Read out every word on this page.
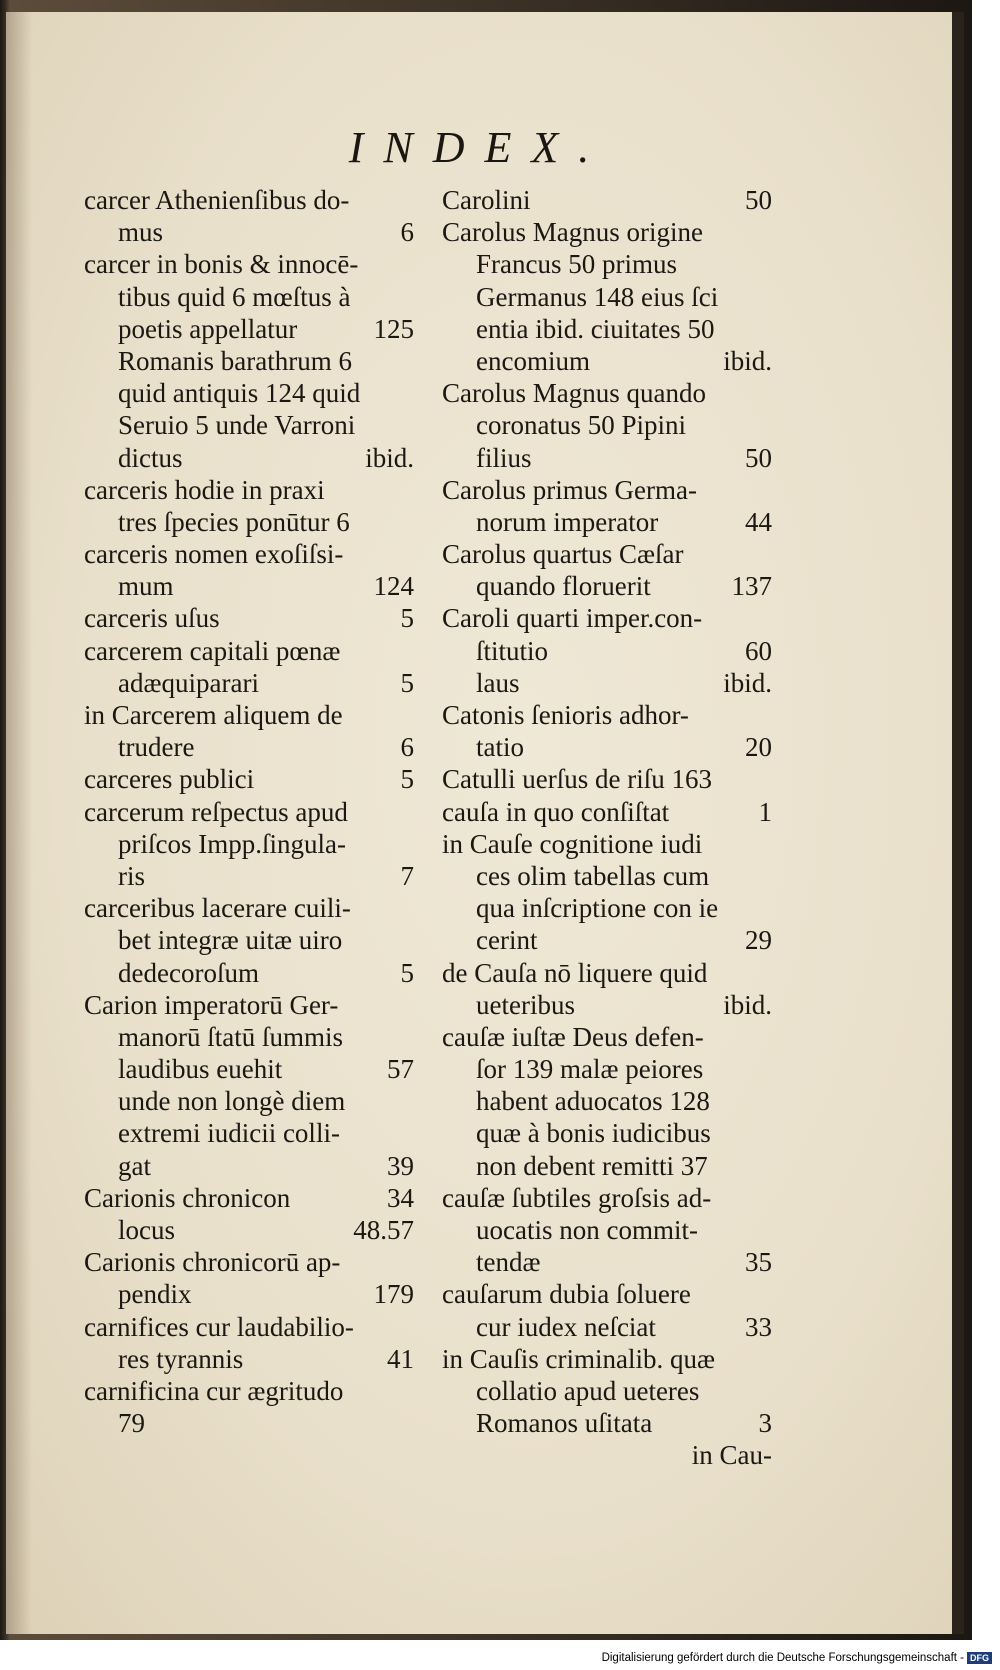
INDEX.
carcer Athenienſibus do-
mus	6
carcer in bonis & innocē-
tibus quid 6 mœſtus à
poetis appellatur	125
Romanis barathrum 6
quid antiquis 124 quid
Seruio 5 unde Varroni
dictus	ibid.
carceris hodie in praxi
tres ſpecies ponūtur 6
carceris nomen exoſiſsi-
mum	124
carceris uſus	5
carcerem capitali pœnæ
adæquiparari	5
in Carcerem aliquem de
trudere	6
carceres publici	5
carcerum reſpectus apud
priſcos Impp.ſingula-
ris	7
carceribus lacerare cuili-
bet integræ uitæ uiro
dedecoroſum	5
Carion imperatorū Ger-
manorū ſtatū ſummis
laudibus euehit	57
unde non longè diem
extremi iudicii colli-
gat	39
Carionis chronicon	34
locus	48.57
Carionis chronicorū ap-
pendix	179
carnifices cur laudabilio-
res tyrannis	41
carnificina cur ægritudo
79
Carolini	50
Carolus Magnus origine
Francus 50 primus
Germanus 148 eius ſci
entia ibid. ciuitates 50
encomium	ibid.
Carolus Magnus quando
coronatus 50 Pipini
filius	50
Carolus primus Germa-
norum imperator	44
Carolus quartus Cæſar
quando floruerit	137
Caroli quarti imper.con-
ſtitutio	60
laus	ibid.
Catonis ſenioris adhor-
tatio	20
Catulli uerſus de riſu 163
cauſa in quo conſiſtat	1
in Cauſe cognitione iudi
ces olim tabellas cum
qua inſcriptione con ie
cerint	29
de Cauſa nō liquere quid
ueteribus	ibid.
cauſæ iuſtæ Deus defen-
ſor 139 malæ peiores
habent aduocatos 128
quæ à bonis iudicibus
non debent remitti 37
cauſæ ſubtiles groſsis ad-
uocatis non commit-
tendæ	35
cauſarum dubia ſoluere
cur iudex neſciat	33
in Cauſis criminalib. quæ
collatio apud ueteres
Romanos uſitata	3
in Cau-
Digitalisierung gefördert durch die Deutsche Forschungsgemeinschaft - DFG
